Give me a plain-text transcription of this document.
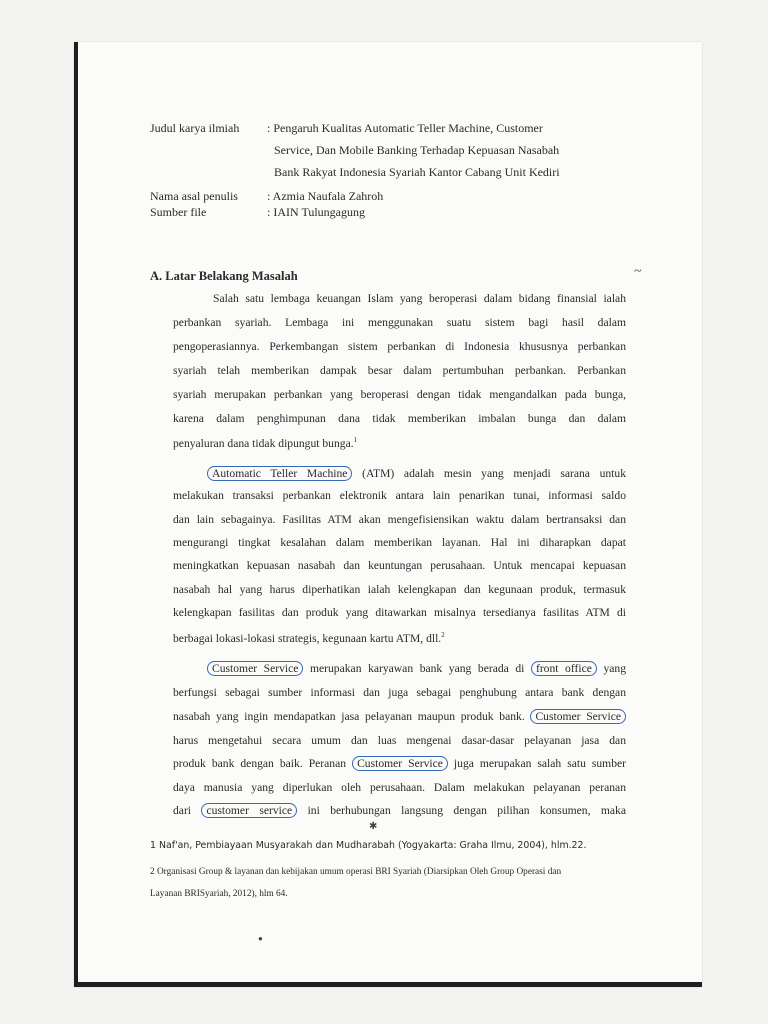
Judul karya ilmiah : Pengaruh Kualitas Automatic Teller Machine, Customer
Service, Dan Mobile Banking Terhadap Kepuasan Nasabah
Bank Rakyat Indonesia Syariah Kantor Cabang Unit Kediri
Nama asal penulis : Azmia Naufala Zahroh
Sumber file	: IAIN Tulungagung
A. Latar Belakang Masalah
Salah satu lembaga keuangan Islam yang beroperasi dalam bidang finansial ialah
perbankan syariah. Lembaga ini menggunakan suatu sistem bagi hasil dalam
pengoperasiannya. Perkembangan sistem perbankan di Indonesia khususnya perbankan
syariah telah memberikan dampak besar dalam pertumbuhan perbankan. Perbankan
syariah merupakan perbankan yang beroperasi dengan tidak mengandalkan pada bunga,
karena dalam penghimpunan dana tidak memberikan imbalan bunga dan dalam
penyaluran dana tidak dipungut bunga.$^1$
Automatic Teller Machine (ATM) adalah mesin yang menjadi sarana untuk
melakukan transaksi perbankan elektronik antara lain penarikan tunai, informasi saldo
dan lain sebagainya. Fasilitas ATM akan mengefisiensikan waktu dalam bertransaksi dan
mengurangi tingkat kesalahan dalam memberikan layanan. Hal ini diharapkan dapat
meningkatkan kepuasan nasabah dan keuntungan perusahaan. Untuk mencapai kepuasan
nasabah hal yang harus diperhatikan ialah kelengkapan dan kegunaan produk, termasuk
kelengkapan fasilitas dan produk yang ditawarkan misalnya tersedianya fasilitas ATM di
berbagai lokasi-lokasi strategis, kegunaan kartu ATM, dll.$^2$
Customer Service merupakan karyawan bank yang berada di front office yang
berfungsi sebagai sumber informasi dan juga sebagai penghubung antara bank dengan
nasabah yang ingin mendapatkan jasa pelayanan maupun produk bank. Customer Service
harus mengetahui secara umum dan luas mengenai dasar-dasar pelayanan jasa dan
produk bank dengan baik. Peranan Customer Service juga merupakan salah satu sumber
daya manusia yang diperlukan oleh perusahaan. Dalam melakukan pelayanan peranan
dari customer service ini berhubungan langsung dengan pilihan konsumen, maka
~
✱
●
1 Naf'an, Pembiayaan Musyarakah dan Mudharabah (Yogyakarta: Graha Ilmu, 2004), hlm.22.
2 Organisasi Group & layanan dan kebijakan umum operasi BRI Syariah (Diarsipkan Oleh Group Operasi dan
Layanan BRISyariah, 2012), hlm 64.
